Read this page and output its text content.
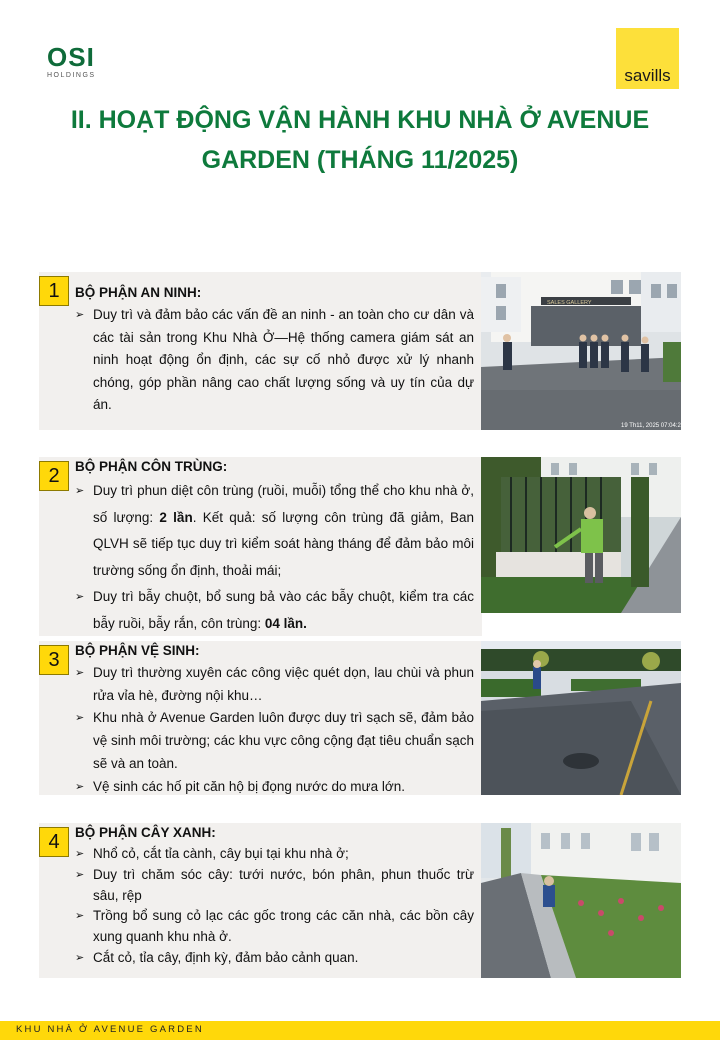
OSI
HOLDINGS	savills
II. HOẠT ĐỘNG VẬN HÀNH KHU NHÀ Ở AVENUE
GARDEN (THÁNG 11/2025)
1	BỘ PHẬN AN NINH:
➢ Duy trì và đảm bảo các vấn đề an ninh - an toàn cho cư dân và các tài sản trong Khu Nhà Ở—Hệ thống camera giám sát an ninh hoạt động ổn định, các sự cố nhỏ được xử lý nhanh chóng, góp phần nâng cao chất lượng sống và uy tín của dự án.
SALES GALLERY
19 Th11, 2025 07:04:2
2	BỘ PHẬN CÔN TRÙNG:
➢ Duy trì phun diệt côn trùng (ruồi, muỗi) tổng thể cho khu nhà ở, số lượng: 2 lần. Kết quả: số lượng côn trùng đã giảm, Ban QLVH sẽ tiếp tục duy trì kiểm soát hàng tháng để đảm bảo môi trường sống ổn định, thoải mái;
➢ Duy trì bẫy chuột, bổ sung bả vào các bẫy chuột, kiểm tra các bẫy ruồi, bẫy rắn, côn trùng: 04 lần.
3	BỘ PHẬN VỆ SINH:
➢ Duy trì thường xuyên các công việc quét dọn, lau chùi và phun rửa vỉa hè, đường nội khu…
➢ Khu nhà ở Avenue Garden luôn được duy trì sạch sẽ, đảm bảo vệ sinh môi trường; các khu vực công cộng đạt tiêu chuẩn sạch sẽ và an toàn.
➢ Vệ sinh các hố pit căn hộ bị đọng nước do mưa lớn.
4	BỘ PHẬN CÂY XANH:
➢ Nhổ cỏ, cắt tỉa cành, cây bụi tại khu nhà ở;
➢ Duy trì chăm sóc cây: tưới nước, bón phân, phun thuốc trừ sâu, rệp
➢ Trồng bổ sung cỏ lạc các gốc trong các căn nhà, các bồn cây xung quanh khu nhà ở.
➢ Cắt cỏ, tỉa cây, định kỳ, đảm bảo cảnh quan.
KHU NHÀ Ở AVENUE GARDEN
